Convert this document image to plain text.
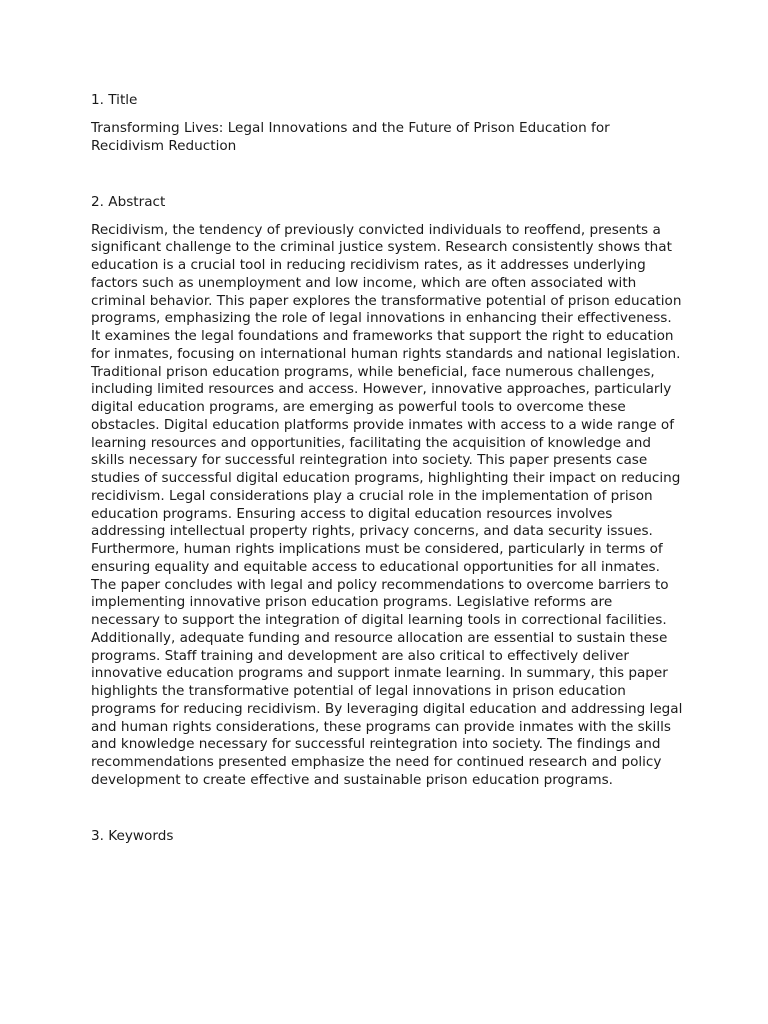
1. Title

Transforming Lives: Legal Innovations and the Future of Prison Education for Recidivism Reduction

2. Abstract

Recidivism, the tendency of previously convicted individuals to reoffend, presents a significant challenge to the criminal justice system. Research consistently shows that education is a crucial tool in reducing recidivism rates, as it addresses underlying factors such as unemployment and low income, which are often associated with criminal behavior. This paper explores the transformative potential of prison education programs, emphasizing the role of legal innovations in enhancing their effectiveness. It examines the legal foundations and frameworks that support the right to education for inmates, focusing on international human rights standards and national legislation. Traditional prison education programs, while beneficial, face numerous challenges, including limited resources and access. However, innovative approaches, particularly digital education programs, are emerging as powerful tools to overcome these obstacles. Digital education platforms provide inmates with access to a wide range of learning resources and opportunities, facilitating the acquisition of knowledge and skills necessary for successful reintegration into society. This paper presents case studies of successful digital education programs, highlighting their impact on reducing recidivism. Legal considerations play a crucial role in the implementation of prison education programs. Ensuring access to digital education resources involves addressing intellectual property rights, privacy concerns, and data security issues. Furthermore, human rights implications must be considered, particularly in terms of ensuring equality and equitable access to educational opportunities for all inmates. The paper concludes with legal and policy recommendations to overcome barriers to implementing innovative prison education programs. Legislative reforms are necessary to support the integration of digital learning tools in correctional facilities. Additionally, adequate funding and resource allocation are essential to sustain these programs. Staff training and development are also critical to effectively deliver innovative education programs and support inmate learning. In summary, this paper highlights the transformative potential of legal innovations in prison education programs for reducing recidivism. By leveraging digital education and addressing legal and human rights considerations, these programs can provide inmates with the skills and knowledge necessary for successful reintegration into society. The findings and recommendations presented emphasize the need for continued research and policy development to create effective and sustainable prison education programs.

3. Keywords
